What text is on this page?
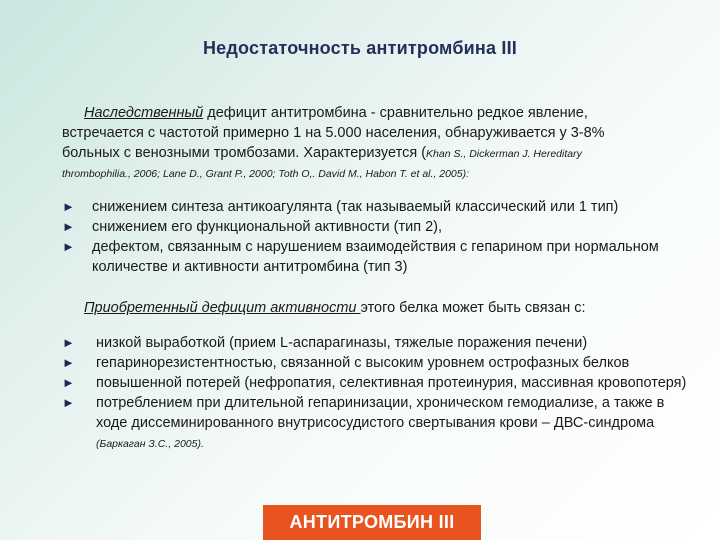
Недостаточность антитромбина III

Наследственный дефицит антитромбина - сравнительно редкое явление,

встречается с частотой примерно 1 на 5.000 населения, обнаруживается у 3-8%

больных с венозными тромбозами. Характеризуется (Khan S., Dickerman J. Hereditary

thrombophilia., 2006; Lane D., Grant P., 2000; Toth O,. David M., Habon T. et al., 2005):

► снижением синтеза антикоагулянта (так называемый классический или 1 тип)
► снижением его функциональной активности (тип 2),
► дефектом, связанным с нарушением взаимодействия с гепарином при нормальном количестве и активности антитромбина (тип 3)
Приобретенный дефицит активности этого белка может быть связан с:
► низкой выработкой (прием L-аспарагиназы, тяжелые поражения печени)
► гепаринорезистентностью, связанной с высоким уровнем острофазных белков
► повышенной потерей (нефропатия, селективная протеинурия, массивная кровопотеря)
► потреблением при длительной гепаринизации, хроническом гемодиализе, а также в ходе диссеминированного внутрисосудистого свертывания крови – ДВС-синдрома (Баркаган З.С., 2005).
АНТИТРОМБИН III
